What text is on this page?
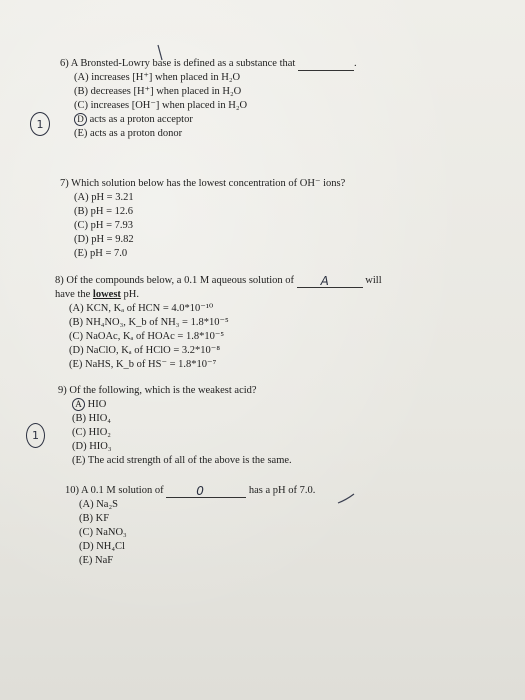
6) A Bronsted-Lowry base is defined as a substance that	.
(A) increases [H⁺] when placed in H₂O
(B) decreases [H⁺] when placed in H₂O
(C) increases [OH⁻] when placed in H₂O
D acts as a proton acceptor
(E) acts as a proton donor
1
7) Which solution below has the lowest concentration of OH⁻ ions?
(A) pH = 3.21
(B) pH = 12.6
(C) pH = 7.93
(D) pH = 9.82
(E) pH = 7.0
8) Of the compounds below, a 0.1 M aqueous solution of A	will
have the lowest pH.
(A) KCN, Kₐ of HCN = 4.0*10⁻¹⁰
(B) NH₄NO₃, K_b of NH₃ = 1.8*10⁻⁵
(C) NaOAc, Kₐ of HOAc = 1.8*10⁻⁵
(D) NaClO, Kₐ of HClO = 3.2*10⁻⁸
(E) NaHS, K_b of HS⁻ = 1.8*10⁻⁷
9) Of the following, which is the weakest acid?
A HIO
(B) HIO₄
(C) HIO₂
(D) HIO₃
(E) The acid strength of all of the above is the same.
1
10) A 0.1 M solution of	0	has a pH of 7.0.
(A) Na₂S
(B) KF
(C) NaNO₃
(D) NH₄Cl
(E) NaF
